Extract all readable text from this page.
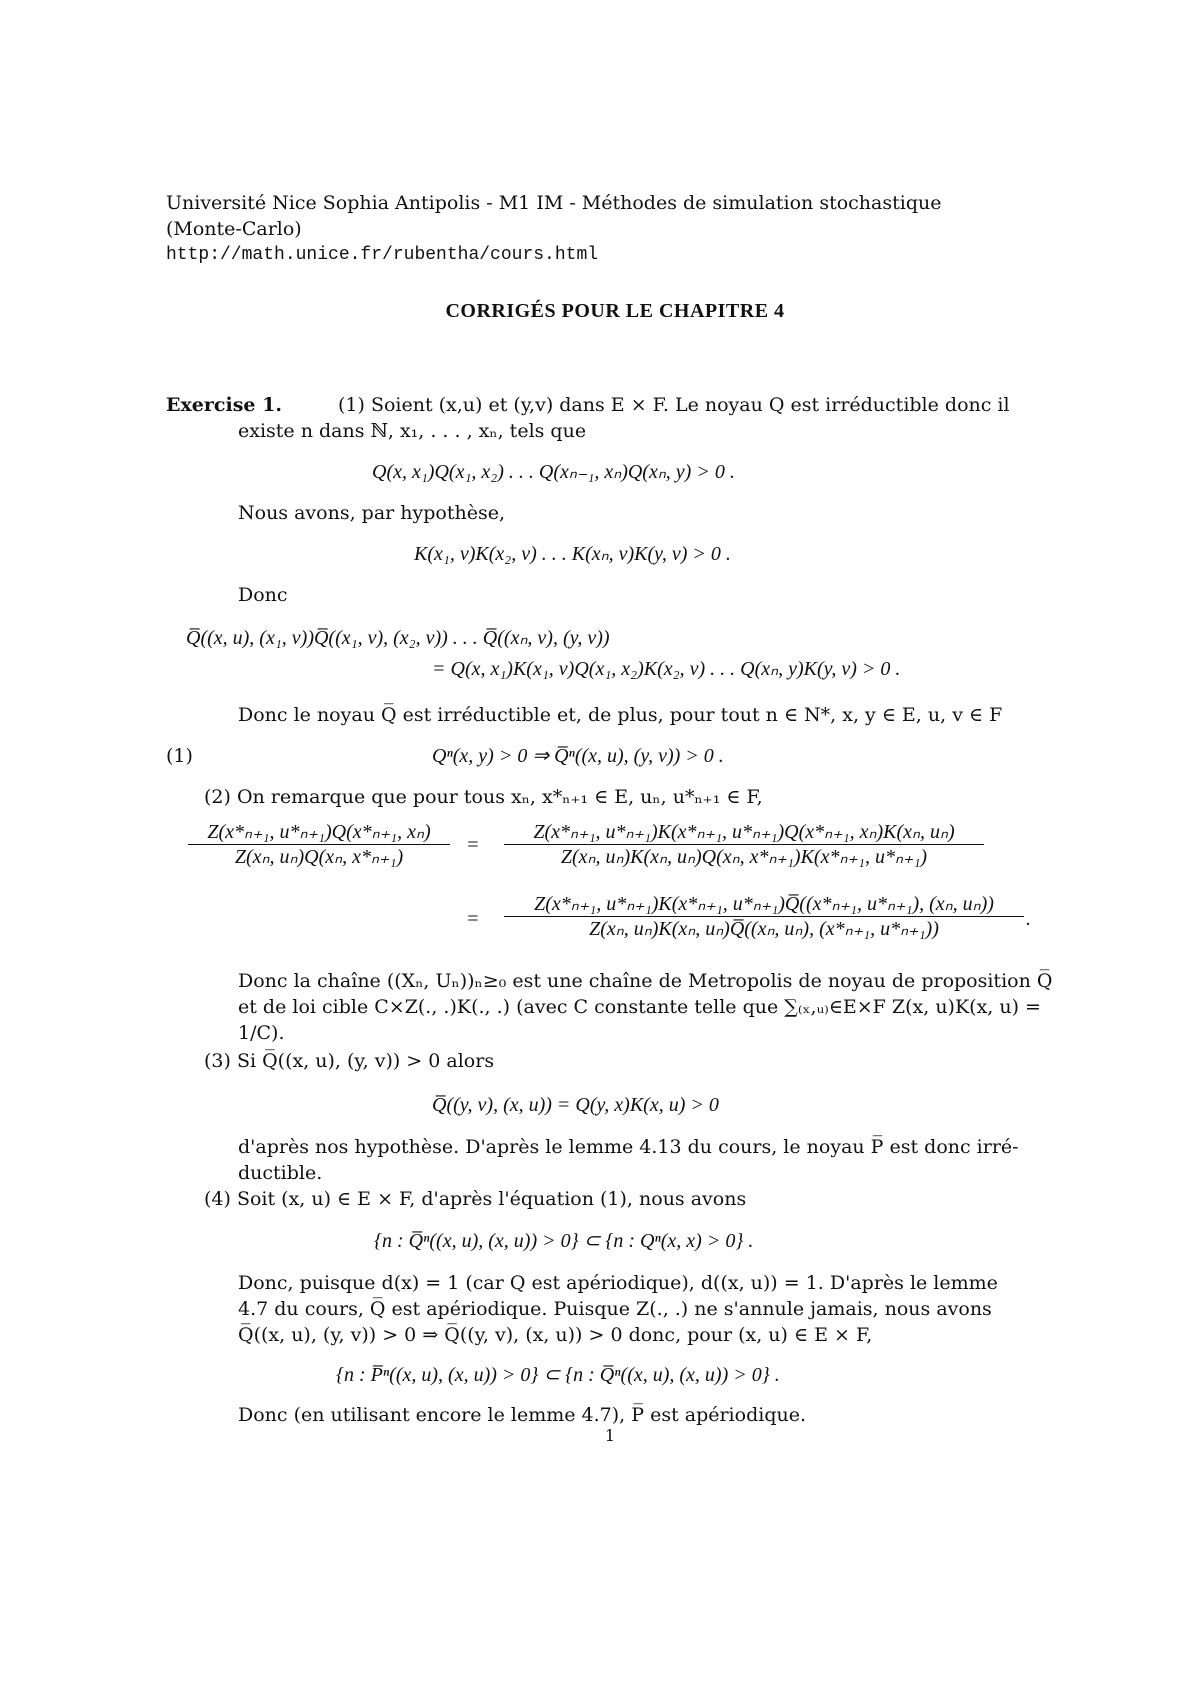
Université Nice Sophia Antipolis - M1 IM - Méthodes de simulation stochastique
(Monte-Carlo)
http://math.unice.fr/rubentha/cours.html
CORRIGÉS POUR LE CHAPITRE 4
Exercise 1.	(1) Soient (x,u) et (y,v) dans E × F. Le noyau Q est irréductible donc il
existe n dans ℕ, x₁, . . . , xₙ, tels que
Q(x, x₁)Q(x₁, x₂) . . . Q(xₙ₋₁, xₙ)Q(xₙ, y) > 0 .
Nous avons, par hypothèse,
K(x₁, v)K(x₂, v) . . . K(xₙ, v)K(y, v) > 0 .
Donc
Q̅((x, u), (x₁, v))Q̅((x₁, v), (x₂, v)) . . . Q̅((xₙ, v), (y, v))
= Q(x, x₁)K(x₁, v)Q(x₁, x₂)K(x₂, v) . . . Q(xₙ, y)K(y, v) > 0 .
Donc le noyau Q̅ est irréductible et, de plus, pour tout n ∈ N*, x, y ∈ E, u, v ∈ F
(1)	Qⁿ(x, y) > 0 ⇒ Q̅ⁿ((x, u), (y, v)) > 0 .
(2) On remarque que pour tous xₙ, x*ₙ₊₁ ∈ E, uₙ, u*ₙ₊₁ ∈ F,
$\frac{\text{Z(x*ₙ₊₁, u*ₙ₊₁)Q(x*ₙ₊₁, xₙ)}}{\text{Z(xₙ, uₙ)Q(xₙ, x*ₙ₊₁)}} = \frac{\text{Z(x*ₙ₊₁, u*ₙ₊₁)K(x*ₙ₊₁, u*ₙ₊₁)Q(x*ₙ₊₁, xₙ)K(xₙ, uₙ)}}{\text{Z(xₙ, uₙ)K(xₙ, uₙ)Q(xₙ, x*ₙ₊₁)K(x*ₙ₊₁, u*ₙ₊₁)}}$
= $\frac{\text{Z(x*ₙ₊₁, u*ₙ₊₁)K(x*ₙ₊₁, u*ₙ₊₁)Q̅((x*ₙ₊₁, u*ₙ₊₁), (xₙ, uₙ))}}{\text{Z(xₙ, uₙ)K(xₙ, uₙ)Q̅((xₙ, uₙ), (x*ₙ₊₁, u*ₙ₊₁))}}$ .
Donc la chaîne ((Xₙ, Uₙ))ₙ≥₀ est une chaîne de Metropolis de noyau de proposition Q̅
et de loi cible C×Z(., .)K(., .) (avec C constante telle que ∑₍ₓ,ᵤ₎∈E×F Z(x, u)K(x, u) =
1/C).
(3) Si Q̅((x, u), (y, v)) > 0 alors
Q̅((y, v), (x, u)) = Q(y, x)K(x, u) > 0
d'après nos hypothèse. D'après le lemme 4.13 du cours, le noyau P̅ est donc irré-
ductible.
(4) Soit (x, u) ∈ E × F, d'après l'équation (1), nous avons
{n : Q̅ⁿ((x, u), (x, u)) > 0} ⊂ {n : Qⁿ(x, x) > 0} .
Donc, puisque d(x) = 1 (car Q est apériodique), d((x, u)) = 1. D'après le lemme
4.7 du cours, Q̅ est apériodique. Puisque Z(., .) ne s'annule jamais, nous avons
Q̅((x, u), (y, v)) > 0 ⇒ Q̅((y, v), (x, u)) > 0 donc, pour (x, u) ∈ E × F,
{n : P̅ⁿ((x, u), (x, u)) > 0} ⊂ {n : Q̅ⁿ((x, u), (x, u)) > 0} .
Donc (en utilisant encore le lemme 4.7), P̅ est apériodique.
1
